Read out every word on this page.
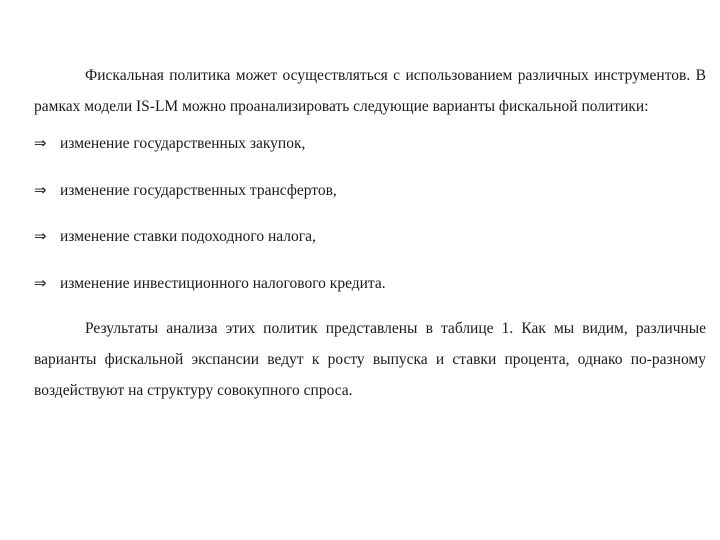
Фискальная политика может осуществляться с использованием различных инструментов. В рамках модели IS-LM можно проанализировать следующие варианты фискальной политики:

⇒ изменение государственных закупок,
⇒ изменение государственных трансфертов,
⇒ изменение ставки подоходного налога,
⇒ изменение инвестиционного налогового кредита.

Результаты анализа этих политик представлены в таблице 1. Как мы видим, различные варианты фискальной экспансии ведут к росту выпуска и ставки процента, однако по-разному воздействуют на структуру совокупного спроса.
